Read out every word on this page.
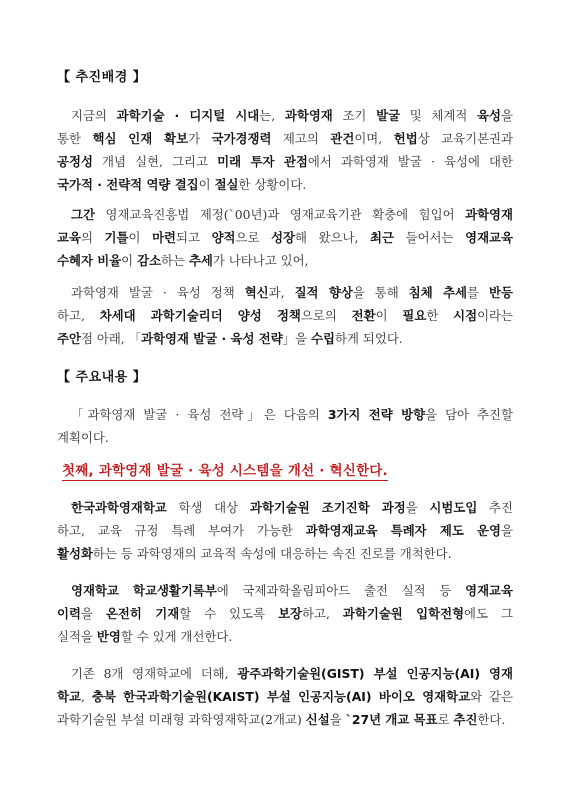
【 추진배경 】
지금의 과학기술 · 디지털 시대는, 과학영재 조기 발굴 및 체계적 육성을
통한 핵심 인재 확보가 국가경쟁력 제고의 관건이며, 헌법상 교육기본권과
공정성 개념 실현, 그리고 미래 투자 관점에서 과학영재 발굴 · 육성에 대한
국가적 · 전략적 역량 결집이 절실한 상황이다.
그간 영재교육진흥법 제정(`00년)과 영재교육기관 확충에 힘입어 과학영재
교육의 기틀이 마련되고 양적으로 성장해 왔으나, 최근 들어서는 영재교육
수혜자 비율이 감소하는 추세가 나타나고 있어,
과학영재 발굴 · 육성 정책 혁신과, 질적 향상을 통해 침체 추세를 반등
하고, 차세대 과학기술리더 양성 정책으로의 전환이 필요한 시점이라는
주안점 아래, 「과학영재 발굴 · 육성 전략」을 수립하게 되었다.
【 주요내용 】
「과학영재 발굴 · 육성 전략」은 다음의 3가지 전략 방향을 담아 추진할
계획이다.
첫째, 과학영재 발굴 · 육성 시스템을 개선 · 혁신한다.
한국과학영재학교 학생 대상 과학기술원 조기진학 과정을 시범도입 추진
하고, 교육 규정 특례 부여가 가능한 과학영재교육 특례자 제도 운영을
활성화하는 등 과학영재의 교육적 속성에 대응하는 속진 진로를 개척한다.
영재학교 학교생활기록부에 국제과학올림피아드 출전 실적 등 영재교육
이력을 온전히 기재할 수 있도록 보장하고, 과학기술원 입학전형에도 그
실적을 반영할 수 있게 개선한다.
기존 8개 영재학교에 더해, 광주과학기술원(GIST) 부설 인공지능(AI) 영재
학교, 충북 한국과학기술원(KAIST) 부설 인공지능(AI) 바이오 영재학교와 같은
과학기술원 부설 미래형 과학영재학교(2개교) 신설을 `27년 개교 목표로 추진한다.
